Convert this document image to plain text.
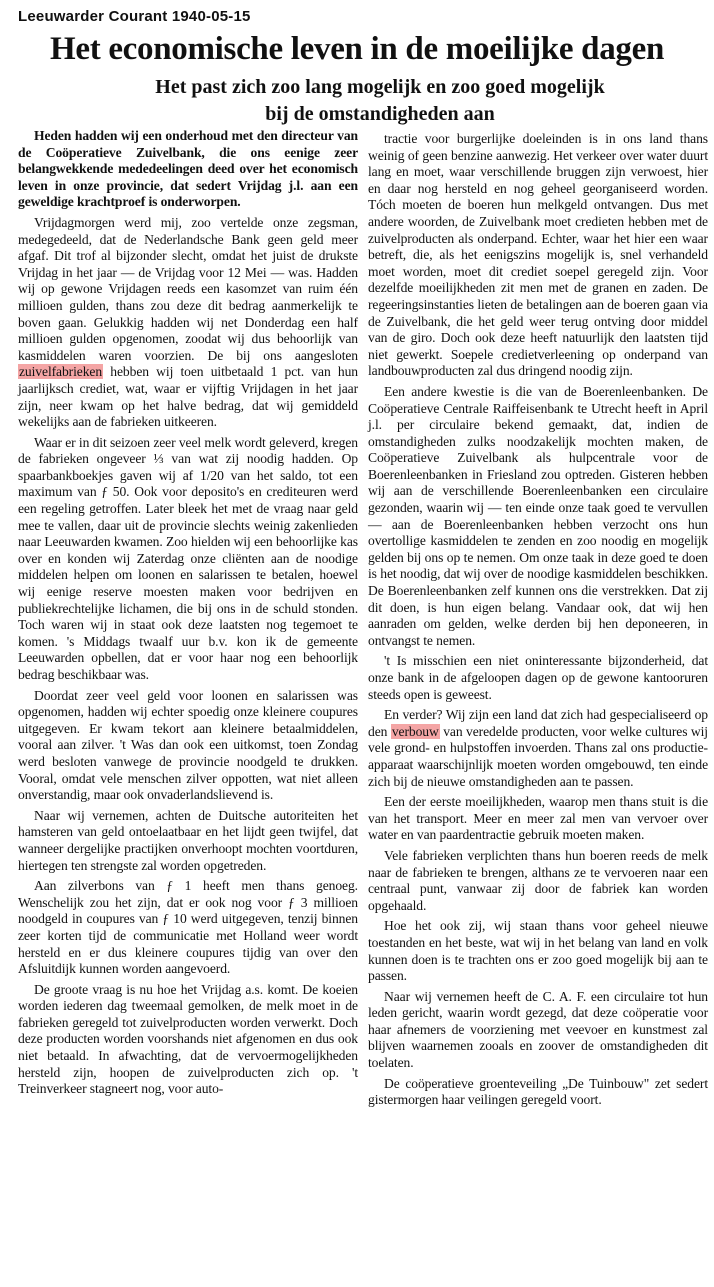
Leeuwarder Courant 1940-05-15
Het economische leven in de moeilijke dagen
Het past zich zoo lang mogelijk en zoo goed mogelijk
bij de omstandigheden aan

Heden hadden wij een onderhoud met den directeur van de Coöperatieve Zuivelbank, die ons eenige zeer belangwekkende mededeelingen deed over het economisch leven in onze provincie, dat sedert Vrijdag j.l. aan een geweldige krachtproef is onderworpen.

Vrijdagmorgen werd mij, zoo vertelde onze zegsman, medegedeeld, dat de Nederlandsche Bank geen geld meer afgaf. Dit trof al bijzonder slecht, omdat het juist de drukste Vrijdag in het jaar — de Vrijdag voor 12 Mei — was. Hadden wij op gewone Vrijdagen reeds een kasomzet van ruim één millioen gulden, thans zou deze dit bedrag aanmerkelijk te boven gaan. Gelukkig hadden wij net Donderdag een half millioen gulden opgenomen, zoodat wij dus behoorlijk van kasmiddelen waren voorzien. De bij ons aangesloten zuivelfabrieken hebben wij toen uitbetaald 1 pct. van hun jaarlijksch crediet, wat, waar er vijftig Vrijdagen in het jaar zijn, neer kwam op het halve bedrag, dat wij gemiddeld wekelijks aan de fabrieken uitkeeren.

Waar er in dit seizoen zeer veel melk wordt geleverd, kregen de fabrieken ongeveer ⅓ van wat zij noodig hadden. Op spaarbankboekjes gaven wij af 1/20 van het saldo, tot een maximum van ƒ 50. Ook voor deposito's en crediteuren werd een regeling getroffen. Later bleek het met de vraag naar geld mee te vallen, daar uit de provincie slechts weinig zakenlieden naar Leeuwarden kwamen. Zoo hielden wij een behoorlijke kas over en konden wij Zaterdag onze cliënten aan de noodige middelen helpen om loonen en salarissen te betalen, hoewel wij eenige reserve moesten maken voor bedrijven en publiekrechtelijke lichamen, die bij ons in de schuld stonden. Toch waren wij in staat ook deze laatsten nog tegemoet te komen. 's Middags twaalf uur b.v. kon ik de gemeente Leeuwarden opbellen, dat er voor haar nog een behoorlijk bedrag beschikbaar was.

Doordat zeer veel geld voor loonen en salarissen was opgenomen, hadden wij echter spoedig onze kleinere coupures uitgegeven. Er kwam tekort aan kleinere betaalmiddelen, vooral aan zilver. 't Was dan ook een uitkomst, toen Zondag werd besloten vanwege de provincie noodgeld te drukken. Vooral, omdat vele menschen zilver oppotten, wat niet alleen onverstandig, maar ook onvaderlandslievend is.

Naar wij vernemen, achten de Duitsche autoriteiten het hamsteren van geld ontoelaatbaar en het lijdt geen twijfel, dat wanneer dergelijke practijken onverhoopt mochten voortduren, hiertegen ten strengste zal worden opgetreden.

Aan zilverbons van ƒ 1 heeft men thans genoeg. Wenschelijk zou het zijn, dat er ook nog voor ƒ 3 millioen noodgeld in coupures van ƒ 10 werd uitgegeven, tenzij binnen zeer korten tijd de communicatie met Holland weer wordt hersteld en er dus kleinere coupures tijdig van over den Afsluitdijk kunnen worden aangevoerd.

De groote vraag is nu hoe het Vrijdag a.s. komt. De koeien worden iederen dag tweemaal gemolken, de melk moet in de fabrieken geregeld tot zuivelproducten worden verwerkt. Doch deze producten worden voorshands niet afgenomen en dus ook niet betaald. In afwachting, dat de vervoermogelijkheden hersteld zijn, hoopen de zuivelproducten zich op. 't Treinverkeer stagneert nog, voor auto-

tractie voor burgerlijke doeleinden is in ons land thans weinig of geen benzine aanwezig. Het verkeer over water duurt lang en moet, waar verschillende bruggen zijn verwoest, hier en daar nog hersteld en nog geheel georganiseerd worden. Tóch moeten de boeren hun melkgeld ontvangen. Dus met andere woorden, de Zuivelbank moet credieten hebben met de zuivelproducten als onderpand. Echter, waar het hier een waar betreft, die, als het eenigszins mogelijk is, snel verhandeld moet worden, moet dit crediet soepel geregeld zijn. Voor dezelfde moeilijkheden zit men met de granen en zaden. De regeeringsinstanties lieten de betalingen aan de boeren gaan via de Zuivelbank, die het geld weer terug ontving door middel van de giro. Doch ook deze heeft natuurlijk den laatsten tijd niet gewerkt. Soepele credietverleening op onderpand van landbouwproducten zal dus dringend noodig zijn.

Een andere kwestie is die van de Boerenleenbanken. De Coöperatieve Centrale Raiffeisenbank te Utrecht heeft in April j.l. per circulaire bekend gemaakt, dat, indien de omstandigheden zulks noodzakelijk mochten maken, de Coöperatieve Zuivelbank als hulpcentrale voor de Boerenleenbanken in Friesland zou optreden. Gisteren hebben wij aan de verschillende Boerenleenbanken een circulaire gezonden, waarin wij — ten einde onze taak goed te vervullen — aan de Boerenleenbanken hebben verzocht ons hun overtollige kasmiddelen te zenden en zoo noodig en mogelijk gelden bij ons op te nemen. Om onze taak in deze goed te doen is het noodig, dat wij over de noodige kasmiddelen beschikken. De Boerenleenbanken zelf kunnen ons die verstrekken. Dat zij dit doen, is hun eigen belang. Vandaar ook, dat wij hen aanraden om gelden, welke derden bij hen deponeeren, in ontvangst te nemen.

't Is misschien een niet oninteressante bijzonderheid, dat onze bank in de afgeloopen dagen op de gewone kantooruren steeds open is geweest.

En verder? Wij zijn een land dat zich had gespecialiseerd op den verbouw van veredelde producten, voor welke cultures wij vele grond- en hulpstoffen invoerden. Thans zal ons productie-apparaat waarschijnlijk moeten worden omgebouwd, ten einde zich bij de nieuwe omstandigheden aan te passen.

Een der eerste moeilijkheden, waarop men thans stuit is die van het transport. Meer en meer zal men van vervoer over water en van paardentractie gebruik moeten maken.

Vele fabrieken verplichten thans hun boeren reeds de melk naar de fabrieken te brengen, althans ze te vervoeren naar een centraal punt, vanwaar zij door de fabriek kan worden opgehaald.

Hoe het ook zij, wij staan thans voor geheel nieuwe toestanden en het beste, wat wij in het belang van land en volk kunnen doen is te trachten ons er zoo goed mogelijk bij aan te passen.

Naar wij vernemen heeft de C. A. F. een circulaire tot hun leden gericht, waarin wordt gezegd, dat deze coöperatie voor haar afnemers de voorziening met veevoer en kunstmest zal blijven waarnemen zooals en zoover de omstandigheden dit toelaten.

De coöperatieve groenteveiling „De Tuinbouw" zet sedert gistermorgen haar veilingen geregeld voort.
